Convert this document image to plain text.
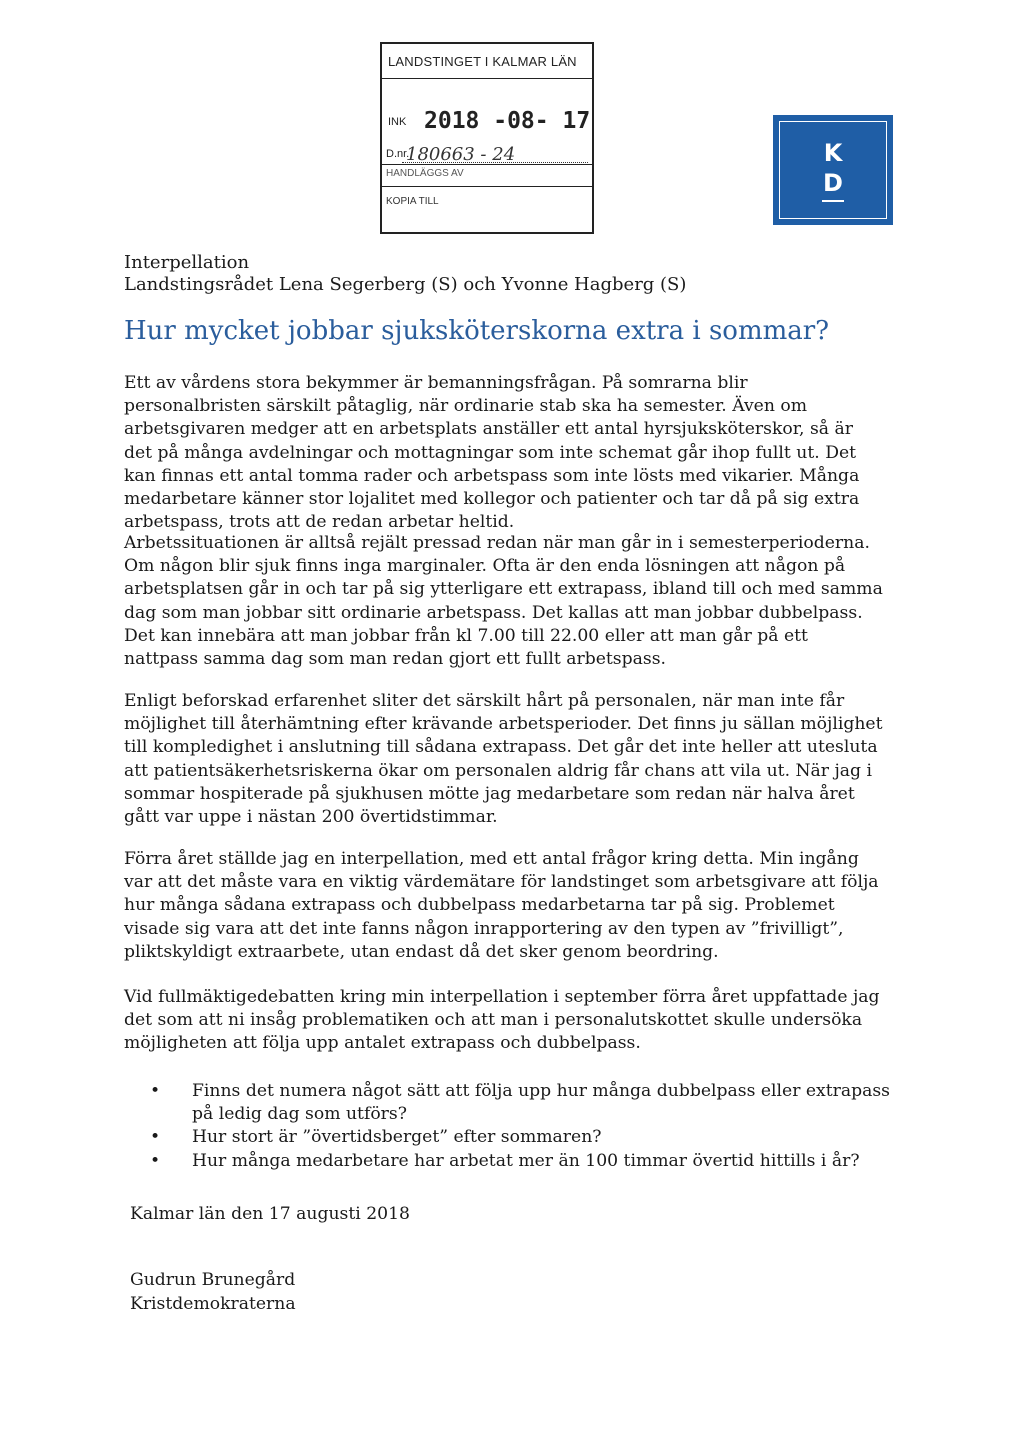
LANDSTINGET I KALMAR LÄN
INK 2018 -08- 17
D.nr.
180663 - 24
HANDLÄGGS AV
KOPIA TILL
K
D
Interpellation
Landstingsrådet Lena Segerberg (S) och Yvonne Hagberg (S)
Hur mycket jobbar sjuksköterskorna extra i sommar?

Ett av vårdens stora bekymmer är bemanningsfrågan. På somrarna blir personalbristen särskilt påtaglig, när ordinarie stab ska ha semester. Även om arbetsgivaren medger att en arbetsplats anställer ett antal hyrsjuksköterskor, så är det på många avdelningar och mottagningar som inte schemat går ihop fullt ut. Det kan finnas ett antal tomma rader och arbetspass som inte lösts med vikarier. Många medarbetare känner stor lojalitet med kollegor och patienter och tar då på sig extra arbetspass, trots att de redan arbetar heltid.

Arbetssituationen är alltså rejält pressad redan när man går in i semesterperioderna. Om någon blir sjuk finns inga marginaler. Ofta är den enda lösningen att någon på arbetsplatsen går in och tar på sig ytterligare ett extrapass, ibland till och med samma dag som man jobbar sitt ordinarie arbetspass. Det kallas att man jobbar dubbelpass. Det kan innebära att man jobbar från kl 7.00 till 22.00 eller att man går på ett nattpass samma dag som man redan gjort ett fullt arbetspass.

Enligt beforskad erfarenhet sliter det särskilt hårt på personalen, när man inte får möjlighet till återhämtning efter krävande arbetsperioder. Det finns ju sällan möjlighet till kompledighet i anslutning till sådana extrapass. Det går det inte heller att utesluta att patientsäkerhetsriskerna ökar om personalen aldrig får chans att vila ut. När jag i sommar hospiterade på sjukhusen mötte jag medarbetare som redan när halva året gått var uppe i nästan 200 övertidstimmar.

Förra året ställde jag en interpellation, med ett antal frågor kring detta. Min ingång var att det måste vara en viktig värdemätare för landstinget som arbetsgivare att följa hur många sådana extrapass och dubbelpass medarbetarna tar på sig. Problemet visade sig vara att det inte fanns någon inrapportering av den typen av ”frivilligt”, pliktskyldigt extraarbete, utan endast då det sker genom beordring.

Vid fullmäktigedebatten kring min interpellation i september förra året uppfattade jag det som att ni insåg problematiken och att man i personalutskottet skulle undersöka möjligheten att följa upp antalet extrapass och dubbelpass.

• Finns det numera något sätt att följa upp hur många dubbelpass eller extrapass på ledig dag som utförs?
• Hur stort är ”övertidsberget” efter sommaren?
• Hur många medarbetare har arbetat mer än 100 timmar övertid hittills i år?
Kalmar län den 17 augusti 2018
Gudrun Brunegård
Kristdemokraterna
